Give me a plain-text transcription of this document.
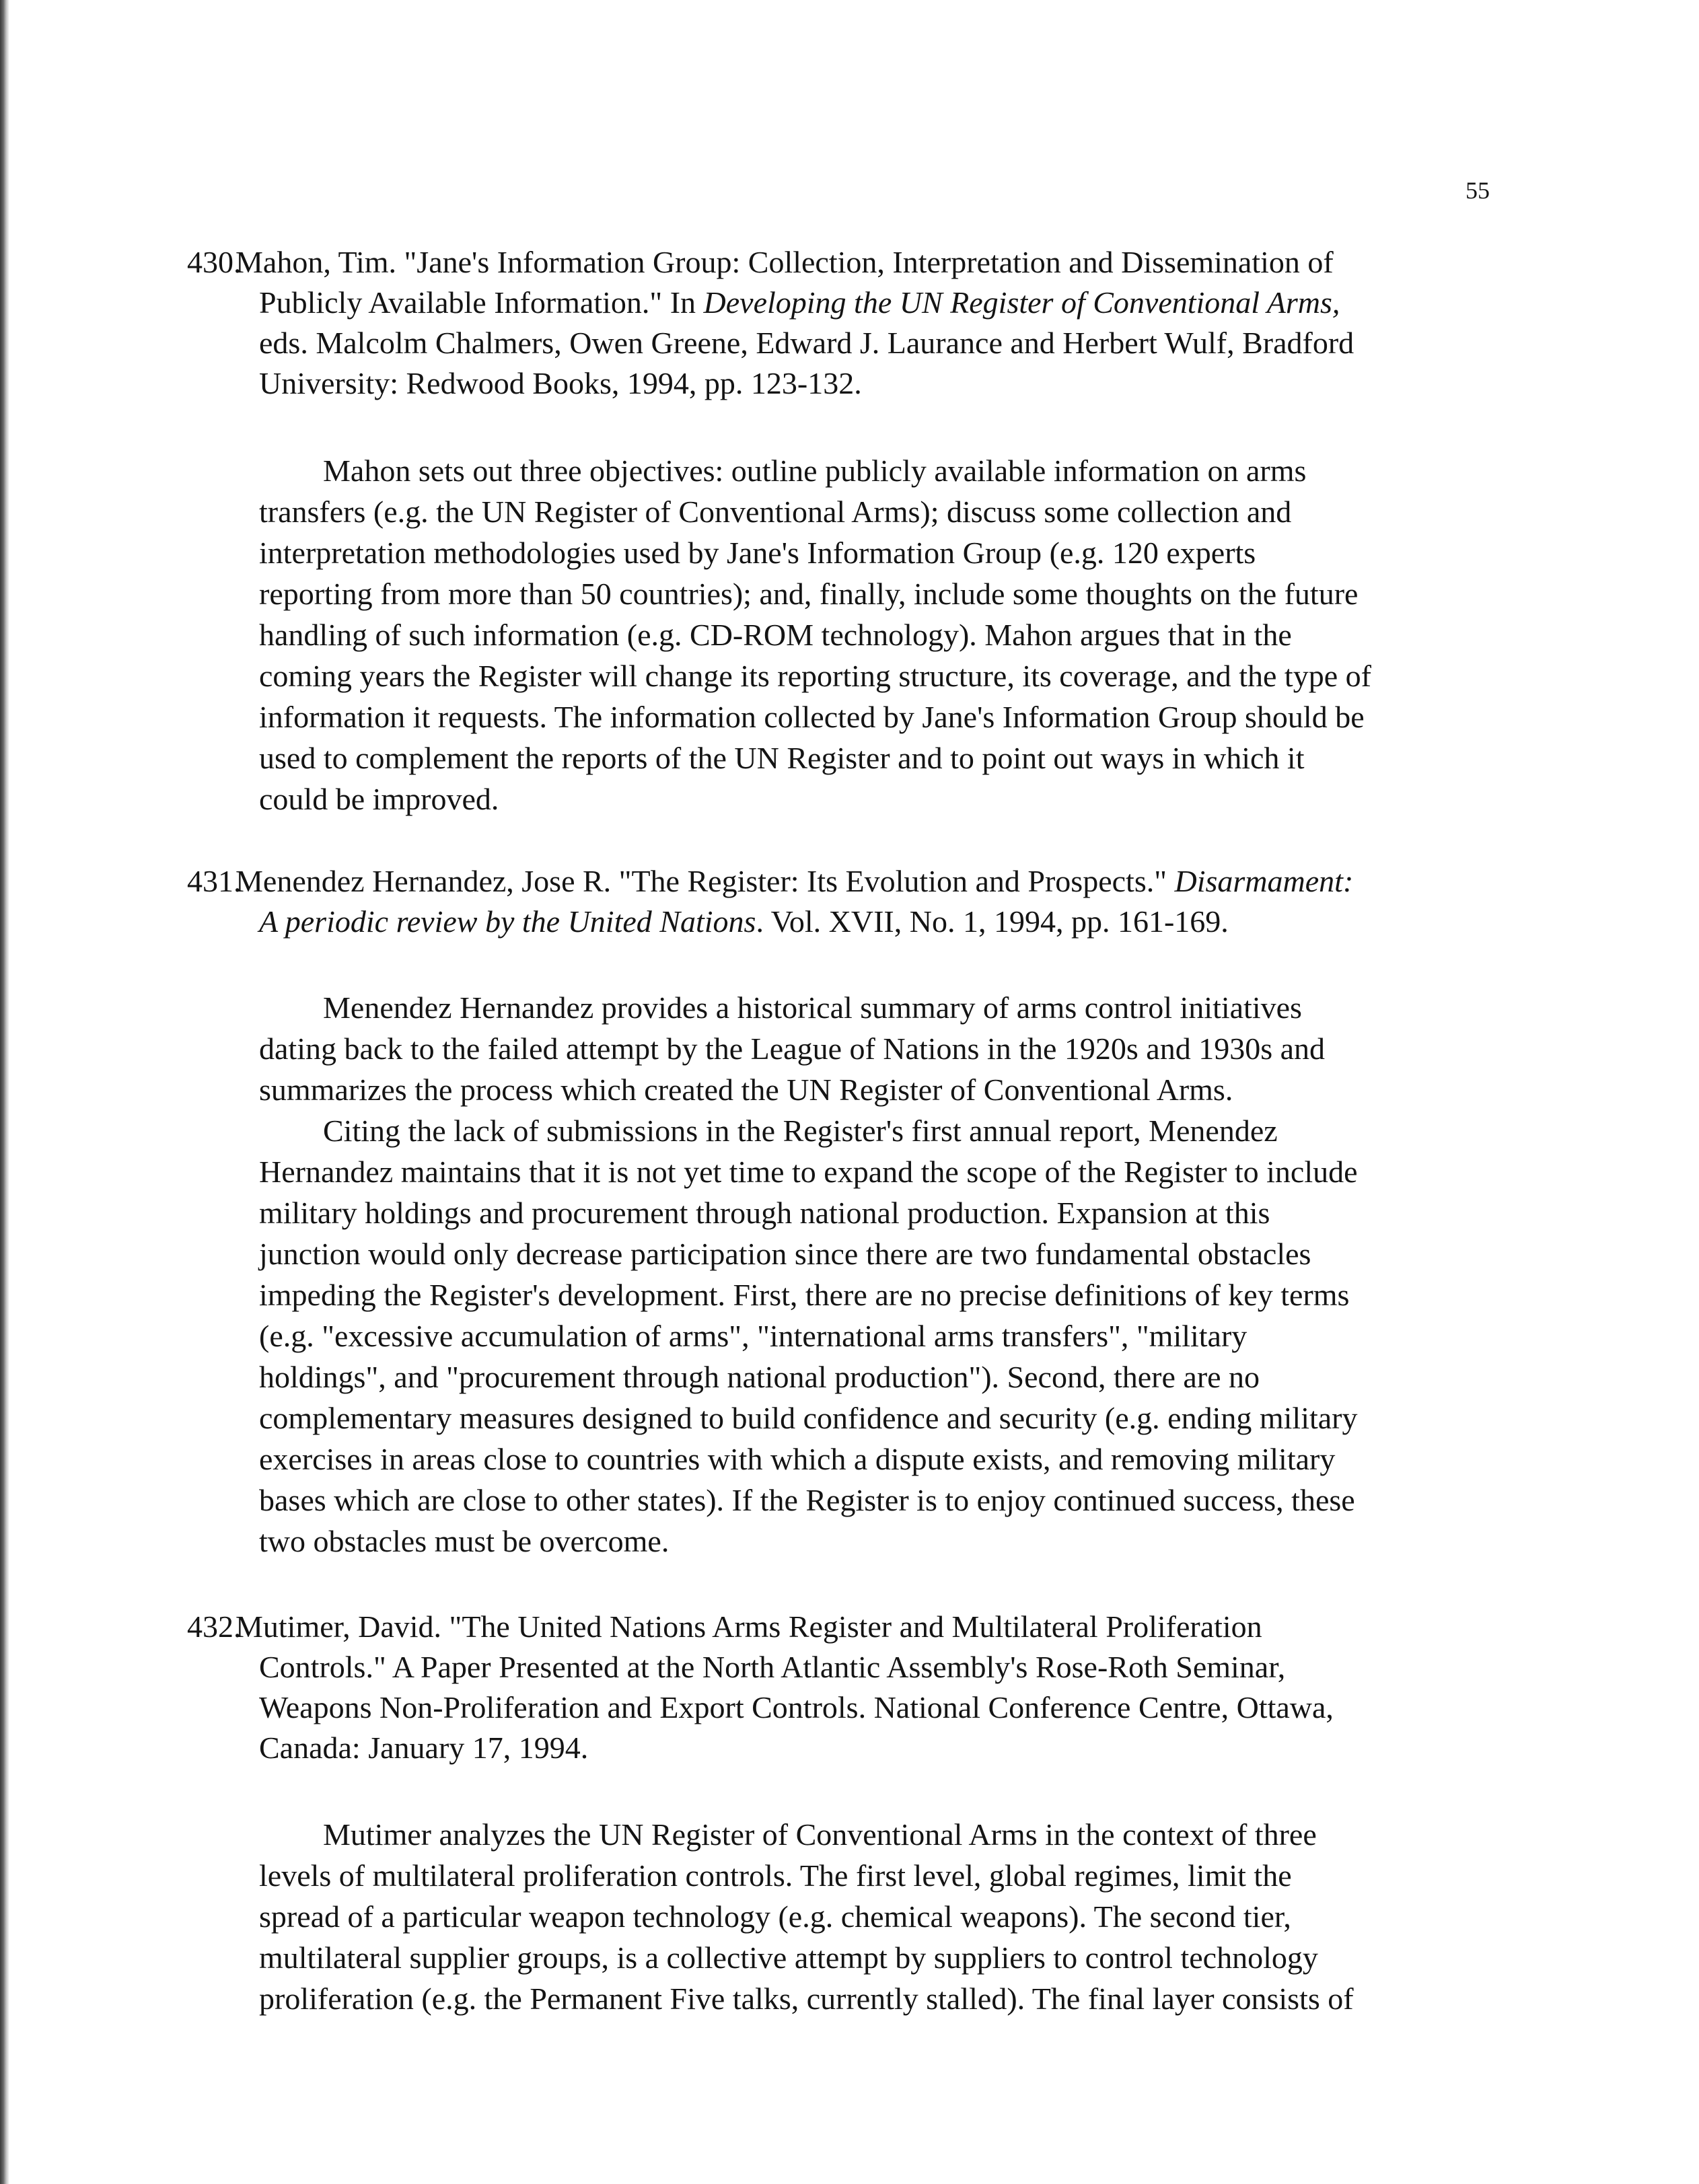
55
430.
Mahon, Tim. "Jane's Information Group: Collection, Interpretation and Dissemination of
Publicly Available Information." In Developing the UN Register of Conventional Arms,
eds. Malcolm Chalmers, Owen Greene, Edward J. Laurance and Herbert Wulf, Bradford
University: Redwood Books, 1994, pp. 123-132.
Mahon sets out three objectives: outline publicly available information on arms
transfers (e.g. the UN Register of Conventional Arms); discuss some collection and
interpretation methodologies used by Jane's Information Group (e.g. 120 experts
reporting from more than 50 countries); and, finally, include some thoughts on the future
handling of such information (e.g. CD-ROM technology). Mahon argues that in the
coming years the Register will change its reporting structure, its coverage, and the type of
information it requests. The information collected by Jane's Information Group should be
used to complement the reports of the UN Register and to point out ways in which it
could be improved.
431.
Menendez Hernandez, Jose R. "The Register: Its Evolution and Prospects." Disarmament:
A periodic review by the United Nations. Vol. XVII, No. 1, 1994, pp. 161-169.
Menendez Hernandez provides a historical summary of arms control initiatives
dating back to the failed attempt by the League of Nations in the 1920s and 1930s and
summarizes the process which created the UN Register of Conventional Arms.
Citing the lack of submissions in the Register's first annual report, Menendez
Hernandez maintains that it is not yet time to expand the scope of the Register to include
military holdings and procurement through national production. Expansion at this
junction would only decrease participation since there are two fundamental obstacles
impeding the Register's development. First, there are no precise definitions of key terms
(e.g. "excessive accumulation of arms", "international arms transfers", "military
holdings", and "procurement through national production"). Second, there are no
complementary measures designed to build confidence and security (e.g. ending military
exercises in areas close to countries with which a dispute exists, and removing military
bases which are close to other states). If the Register is to enjoy continued success, these
two obstacles must be overcome.
432.
Mutimer, David. "The United Nations Arms Register and Multilateral Proliferation
Controls." A Paper Presented at the North Atlantic Assembly's Rose-Roth Seminar,
Weapons Non-Proliferation and Export Controls. National Conference Centre, Ottawa,
Canada: January 17, 1994.
Mutimer analyzes the UN Register of Conventional Arms in the context of three
levels of multilateral proliferation controls. The first level, global regimes, limit the
spread of a particular weapon technology (e.g. chemical weapons). The second tier,
multilateral supplier groups, is a collective attempt by suppliers to control technology
proliferation (e.g. the Permanent Five talks, currently stalled). The final layer consists of
